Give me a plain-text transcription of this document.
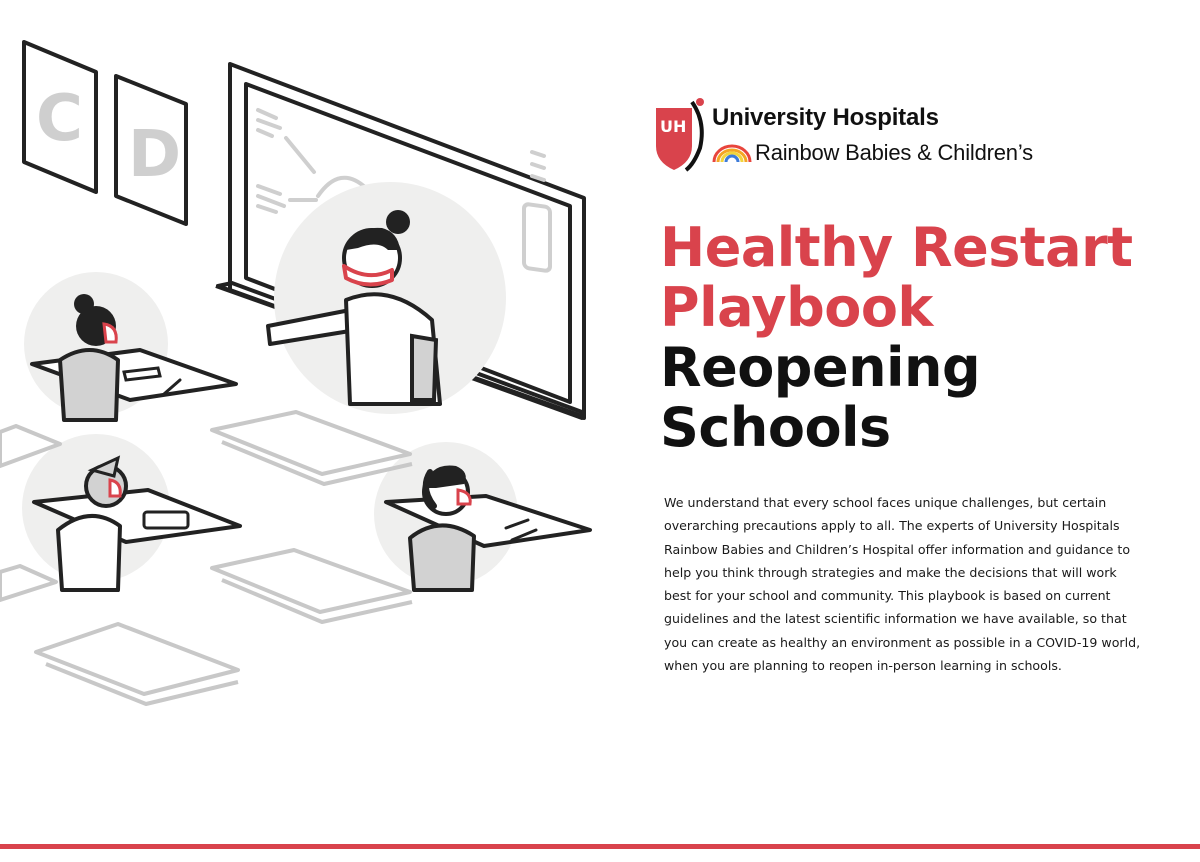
C D	UH University Hospitals
Rainbow Babies & Children’s
Healthy Restart
Playbook
Reopening
Schools

We understand that every school faces unique challenges, but certain overarching precautions apply to all. The experts of University Hospitals Rainbow Babies and Children’s Hospital offer information and guidance to help you think through strategies and make the decisions that will work best for your school and community. This playbook is based on current guidelines and the latest scientific information we have available, so that you can create as healthy an environment as possible in a COVID-19 world, when you are planning to reopen in-person learning in schools.
